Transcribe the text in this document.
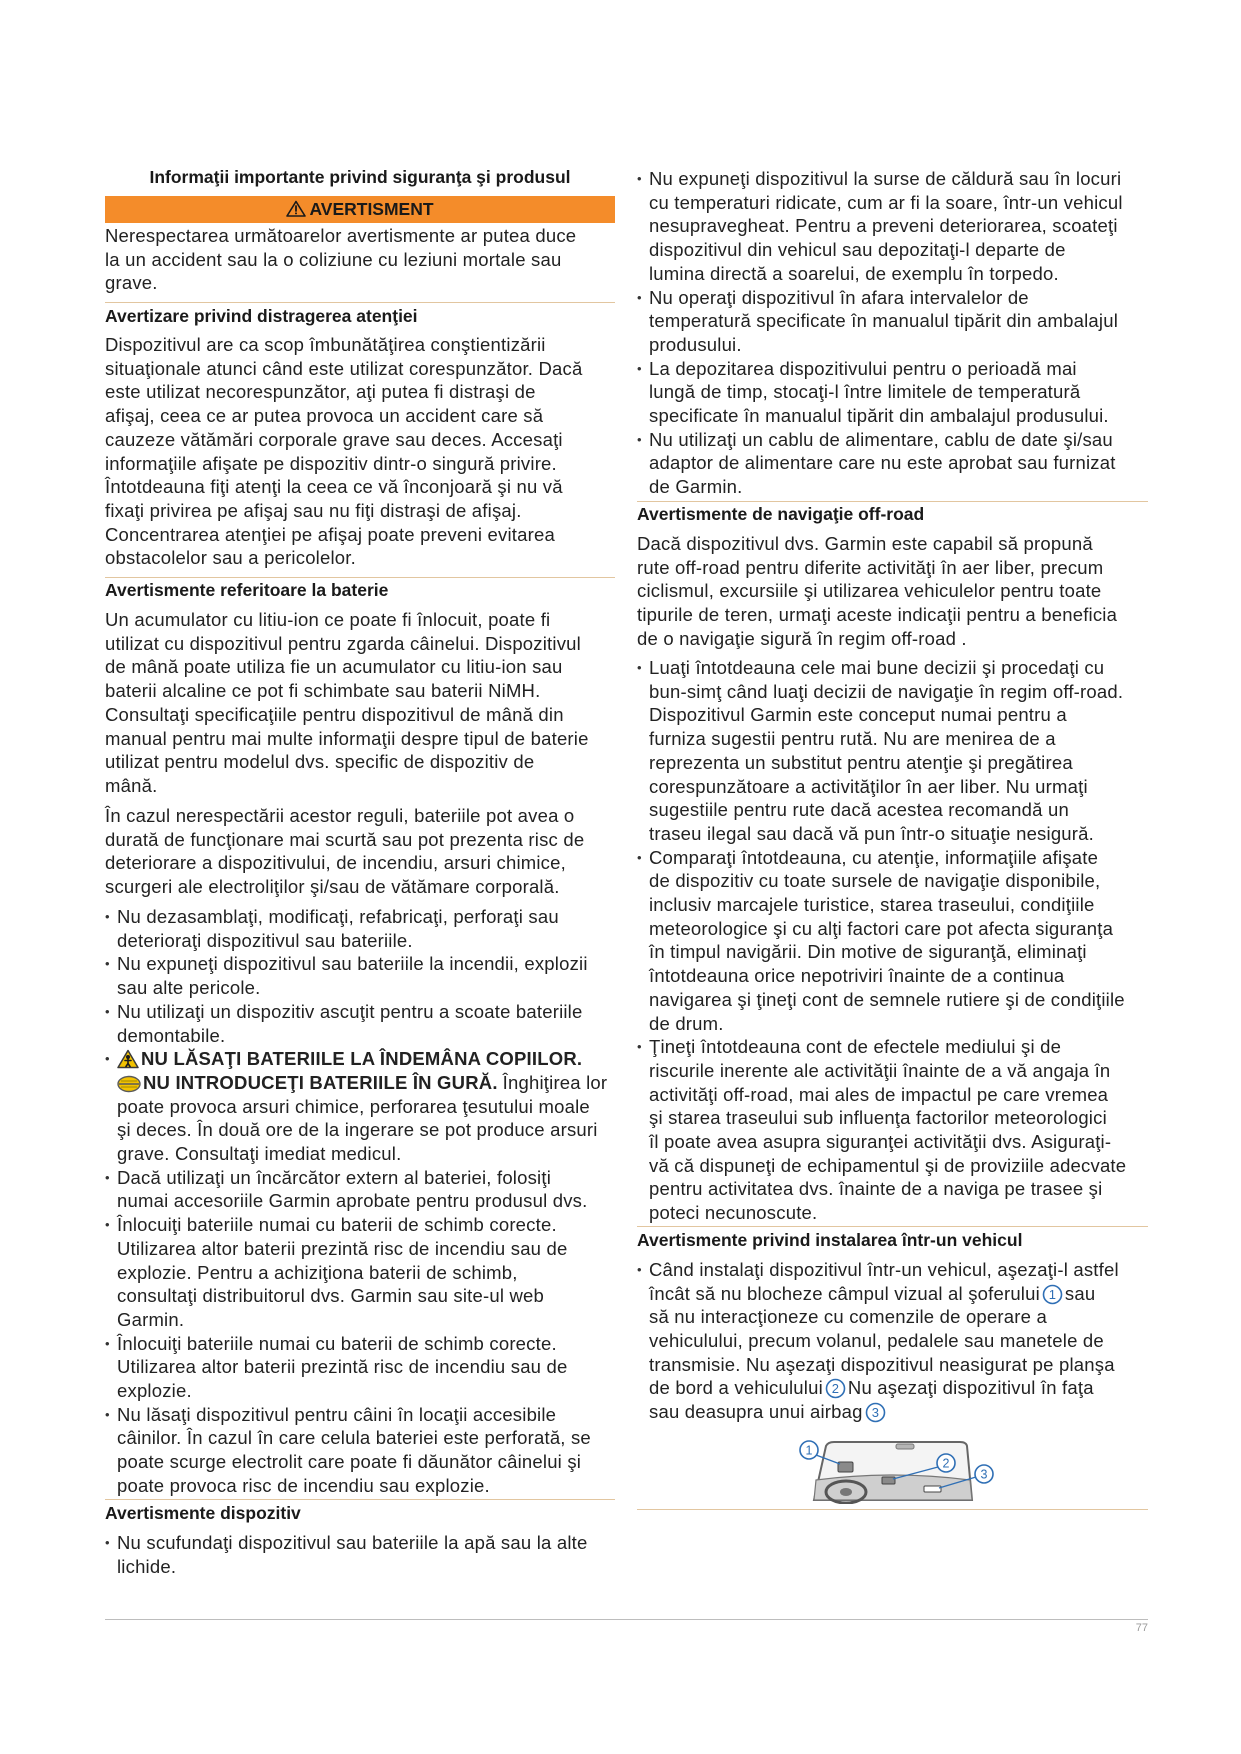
Informaţii importante privind siguranţa şi produsul
AVERTISMENT
Nerespectarea următoarelor avertismente ar putea duce
la un accident sau la o coliziune cu leziuni mortale sau
grave.
Avertizare privind distragerea atenţiei
Dispozitivul are ca scop îmbunătăţirea conştientizării
situaţionale atunci când este utilizat corespunzător. Dacă
este utilizat necorespunzător, aţi putea fi distraşi de
afişaj, ceea ce ar putea provoca un accident care să
cauzeze vătămări corporale grave sau deces. Accesaţi
informaţiile afişate pe dispozitiv dintr-o singură privire.
Întotdeauna fiţi atenţi la ceea ce vă înconjoară şi nu vă
fixaţi privirea pe afişaj sau nu fiţi distraşi de afişaj.
Concentrarea atenţiei pe afişaj poate preveni evitarea
obstacolelor sau a pericolelor.
Avertismente referitoare la baterie
Un acumulator cu litiu-ion ce poate fi înlocuit, poate fi
utilizat cu dispozitivul pentru zgarda câinelui. Dispozitivul
de mână poate utiliza fie un acumulator cu litiu-ion sau
baterii alcaline ce pot fi schimbate sau baterii NiMH.
Consultaţi specificaţiile pentru dispozitivul de mână din
manual pentru mai multe informaţii despre tipul de baterie
utilizat pentru modelul dvs. specific de dispozitiv de
mână.
În cazul nerespectării acestor reguli, bateriile pot avea o
durată de funcţionare mai scurtă sau pot prezenta risc de
deteriorare a dispozitivului, de incendiu, arsuri chimice,
scurgeri ale electroliţilor şi/sau de vătămare corporală.
• Nu dezasamblaţi, modificaţi, refabricaţi, perforaţi sau
deterioraţi dispozitivul sau bateriile.
• Nu expuneţi dispozitivul sau bateriile la incendii, explozii
sau alte pericole.
• Nu utilizaţi un dispozitiv ascuţit pentru a scoate bateriile
demontabile.
• NU LĂSAŢI BATERIILE LA ÎNDEMÂNA COPIILOR.
NU INTRODUCEŢI BATERIILE ÎN GURĂ. Înghiţirea lor
poate provoca arsuri chimice, perforarea ţesutului moale
şi deces. În două ore de la ingerare se pot produce arsuri
grave. Consultaţi imediat medicul.
• Dacă utilizaţi un încărcător extern al bateriei, folosiţi
numai accesoriile Garmin aprobate pentru produsul dvs.
• Înlocuiţi bateriile numai cu baterii de schimb corecte.
Utilizarea altor baterii prezintă risc de incendiu sau de
explozie. Pentru a achiziţiona baterii de schimb,
consultaţi distribuitorul dvs. Garmin sau site-ul web
Garmin.
• Înlocuiţi bateriile numai cu baterii de schimb corecte.
Utilizarea altor baterii prezintă risc de incendiu sau de
explozie.
• Nu lăsaţi dispozitivul pentru câini în locaţii accesibile
câinilor. În cazul în care celula bateriei este perforată, se
poate scurge electrolit care poate fi dăunător câinelui şi
poate provoca risc de incendiu sau explozie.
Avertismente dispozitiv
• Nu scufundaţi dispozitivul sau bateriile la apă sau la alte
lichide.
• Nu expuneţi dispozitivul la surse de căldură sau în locuri
cu temperaturi ridicate, cum ar fi la soare, într-un vehicul
nesupravegheat. Pentru a preveni deteriorarea, scoateţi
dispozitivul din vehicul sau depozitaţi-l departe de
lumina directă a soarelui, de exemplu în torpedo.
• Nu operaţi dispozitivul în afara intervalelor de
temperatură specificate în manualul tipărit din ambalajul
produsului.
• La depozitarea dispozitivului pentru o perioadă mai
lungă de timp, stocaţi-l între limitele de temperatură
specificate în manualul tipărit din ambalajul produsului.
• Nu utilizaţi un cablu de alimentare, cablu de date şi/sau
adaptor de alimentare care nu este aprobat sau furnizat
de Garmin.
Avertismente de navigaţie off-road
Dacă dispozitivul dvs. Garmin este capabil să propună
rute off-road pentru diferite activităţi în aer liber, precum
ciclismul, excursiile şi utilizarea vehiculelor pentru toate
tipurile de teren, urmaţi aceste indicaţii pentru a beneficia
de o navigaţie sigură în regim off-road .
• Luaţi întotdeauna cele mai bune decizii şi procedaţi cu
bun-simţ când luaţi decizii de navigaţie în regim off-road.
Dispozitivul Garmin este conceput numai pentru a
furniza sugestii pentru rută. Nu are menirea de a
reprezenta un substitut pentru atenţie şi pregătirea
corespunzătoare a activităţilor în aer liber. Nu urmaţi
sugestiile pentru rute dacă acestea recomandă un
traseu ilegal sau dacă vă pun într-o situaţie nesigură.
• Comparaţi întotdeauna, cu atenţie, informaţiile afişate
de dispozitiv cu toate sursele de navigaţie disponibile,
inclusiv marcajele turistice, starea traseului, condiţiile
meteorologice şi cu alţi factori care pot afecta siguranţa
în timpul navigării. Din motive de siguranţă, eliminaţi
întotdeauna orice nepotriviri înainte de a continua
navigarea şi ţineţi cont de semnele rutiere şi de condiţiile
de drum.
• Ţineţi întotdeauna cont de efectele mediului şi de
riscurile inerente ale activităţii înainte de a vă angaja în
activităţi off-road, mai ales de impactul pe care vremea
şi starea traseului sub influenţa factorilor meteorologici
îl poate avea asupra siguranţei activităţii dvs. Asiguraţi-
vă că dispuneţi de echipamentul şi de proviziile adecvate
pentru activitatea dvs. înainte de a naviga pe trasee şi
poteci necunoscute.
Avertismente privind instalarea într-un vehicul
• Când instalaţi dispozitivul într-un vehicul, aşezaţi-l astfel
încât să nu blocheze câmpul vizual al şoferului 1 sau
să nu interacţioneze cu comenzile de operare a
vehiculului, precum volanul, pedalele sau manetele de
transmisie. Nu aşezaţi dispozitivul neasigurat pe planşa
de bord a vehiculului 2 Nu aşezaţi dispozitivul în faţa
sau deasupra unui airbag 3
1
2
3
77
